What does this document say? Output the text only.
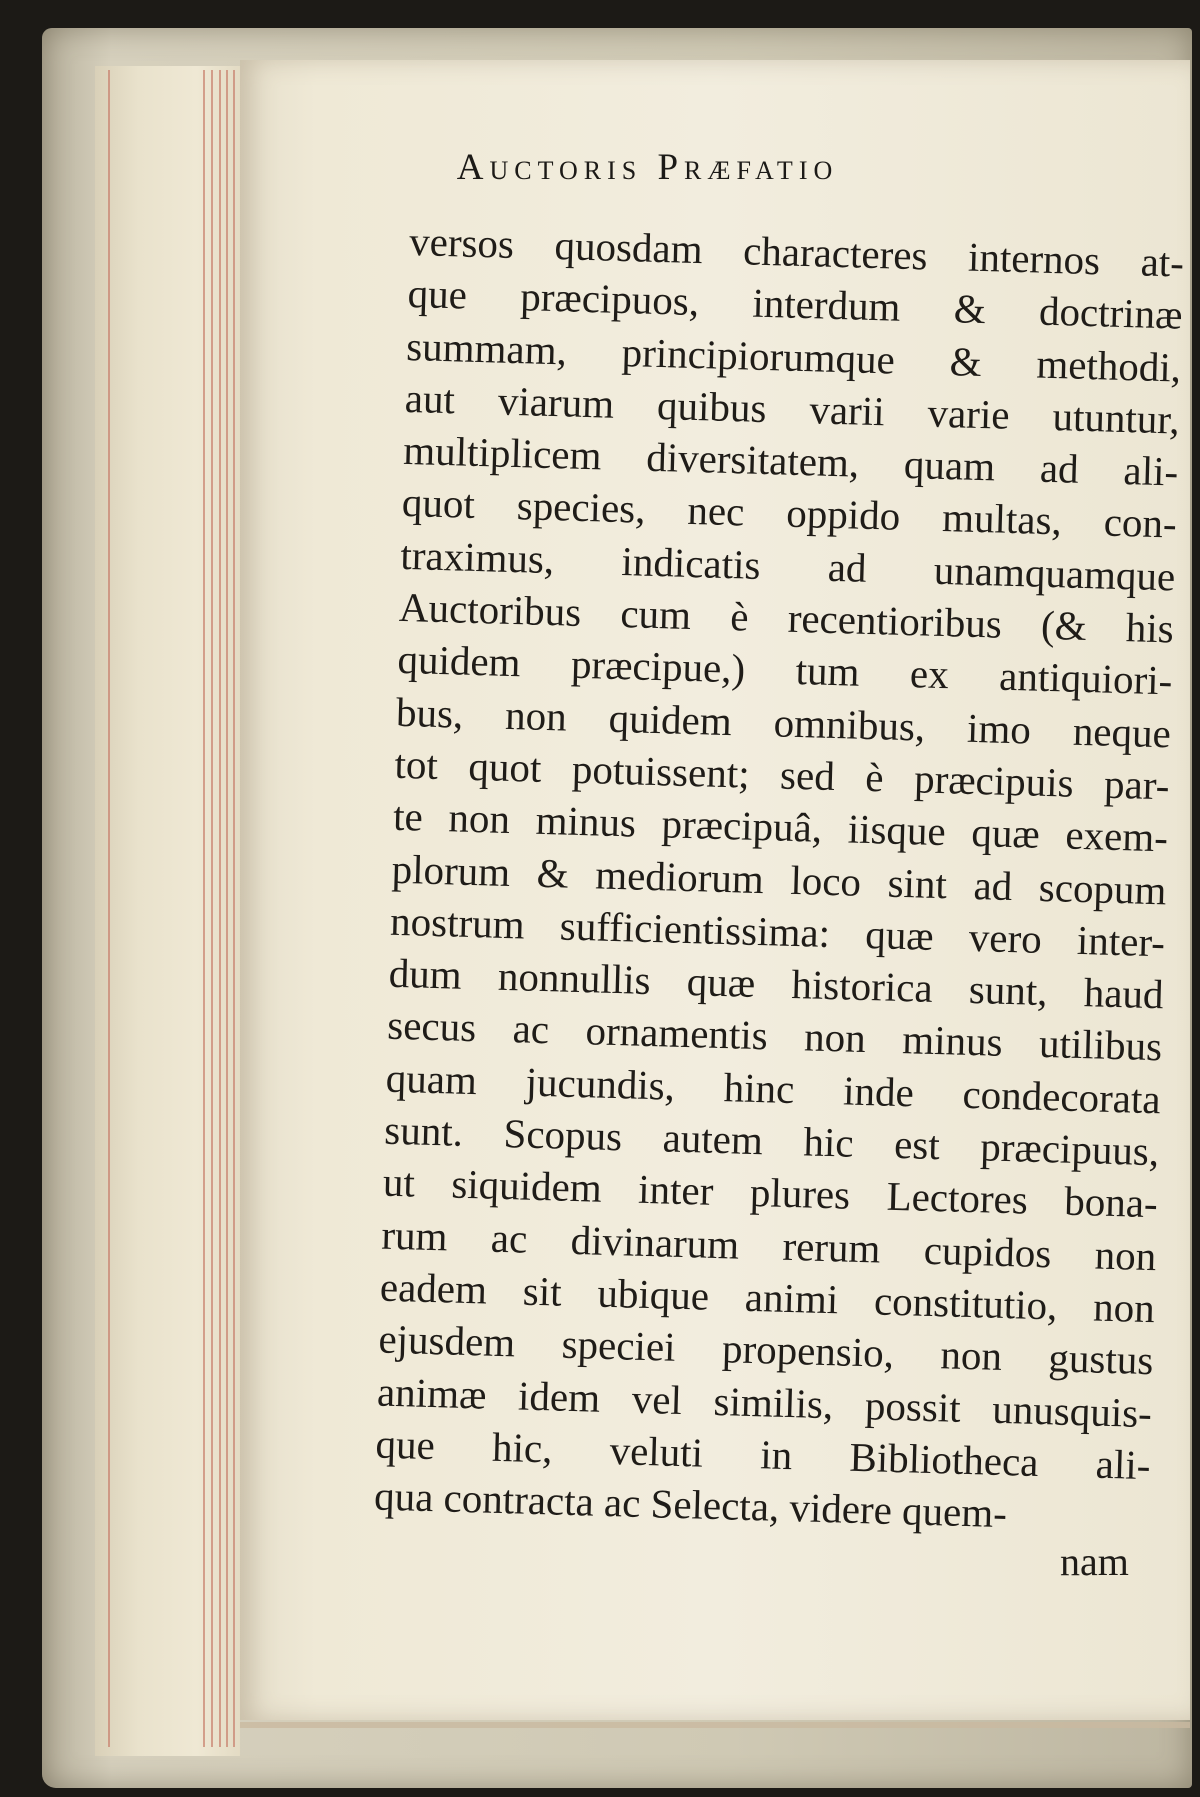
Auctoris Præfatio
versos quosdam characteres internos at-
que præcipuos, interdum & doctrinæ
summam, principiorumque & methodi,
aut viarum quibus varii varie utuntur,
multiplicem diversitatem, quam ad ali-
quot species, nec oppido multas, con-
traximus, indicatis ad unamquamque
Auctoribus cum è recentioribus (& his
quidem præcipue,) tum ex antiquiori-
bus, non quidem omnibus, imo neque
tot quot potuissent; sed è præcipuis par-
te non minus præcipuâ, iisque quæ exem-
plorum & mediorum loco sint ad scopum
nostrum sufficientissima: quæ vero inter-
dum nonnullis quæ historica sunt, haud
secus ac ornamentis non minus utilibus
quam jucundis, hinc inde condecorata
sunt. Scopus autem hic est præcipuus,
ut siquidem inter plures Lectores bona-
rum ac divinarum rerum cupidos non
eadem sit ubique animi constitutio, non
ejusdem speciei propensio, non gustus
animæ idem vel similis, possit unusquis-
que hic, veluti in Bibliotheca ali-
qua contracta ac Selecta, videre quem-
nam
